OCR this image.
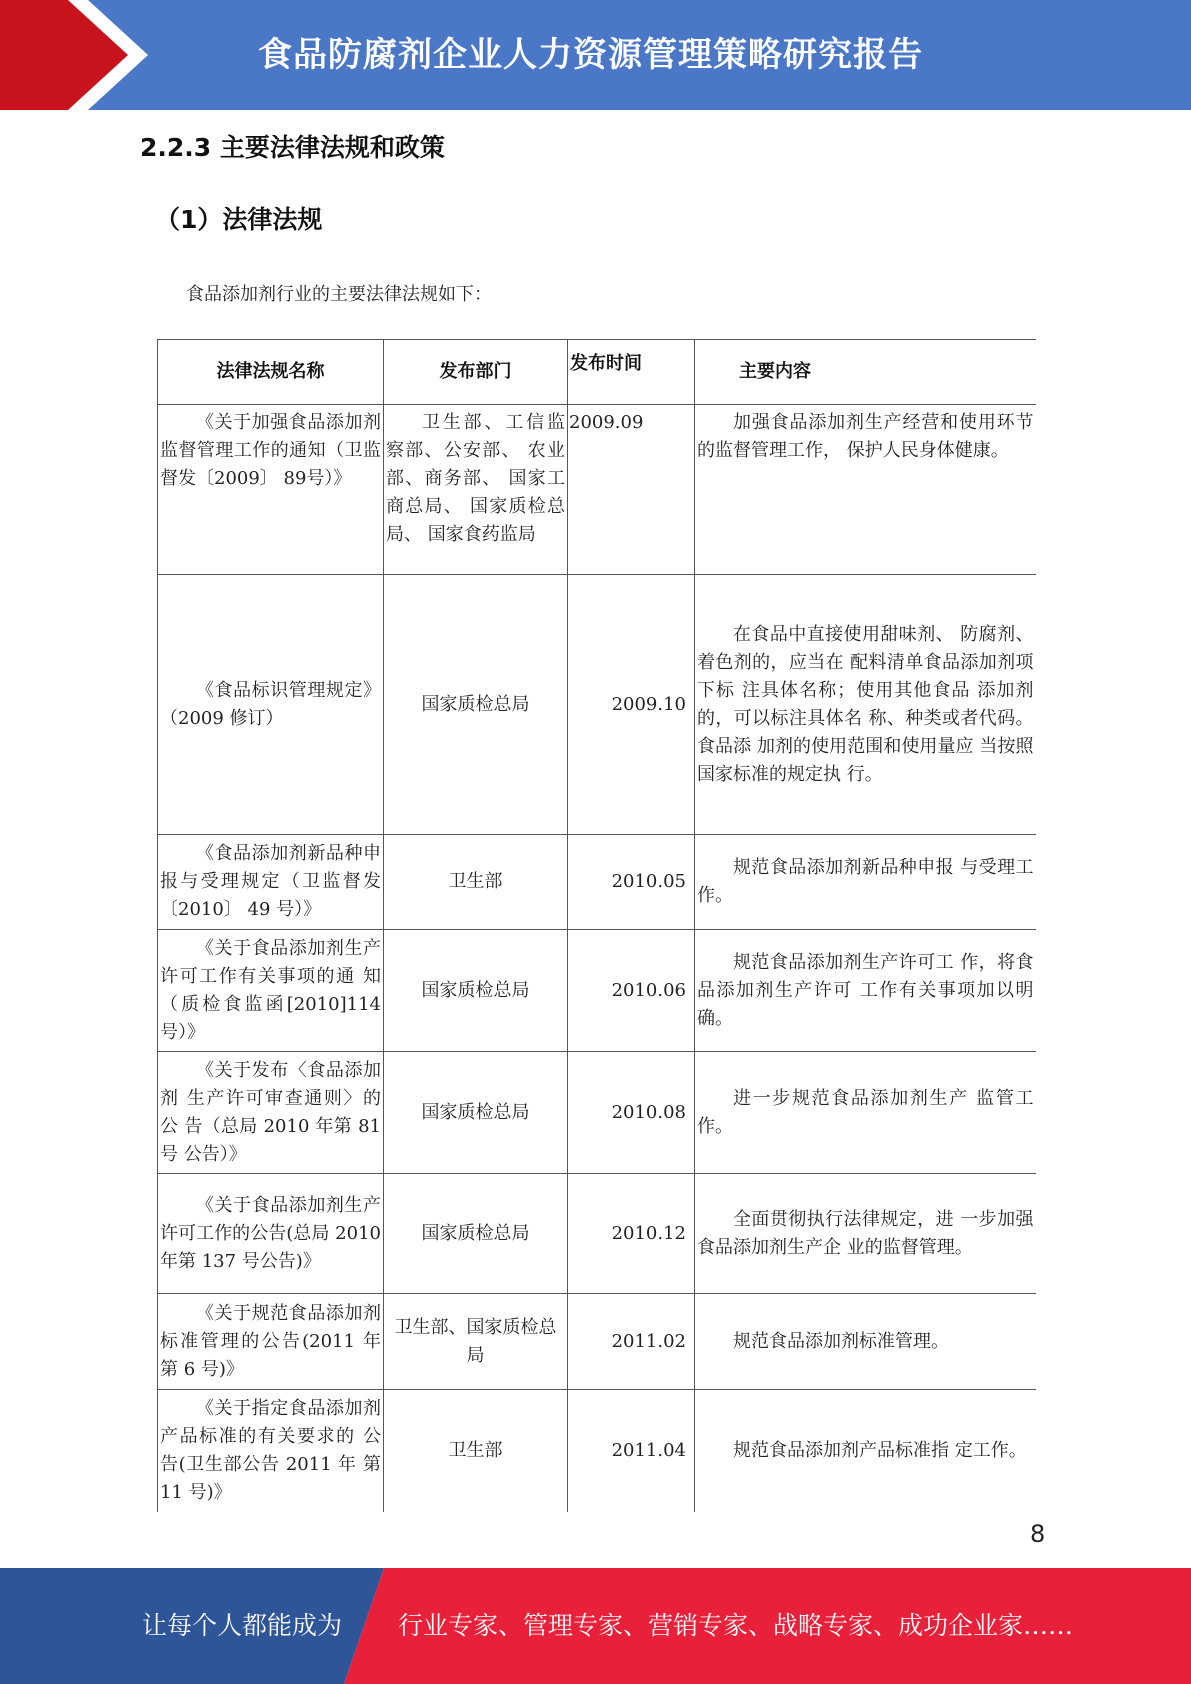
食品防腐剂企业人力资源管理策略研究报告
2.2.3 主要法律法规和政策
（1）法律法规
食品添加剂行业的主要法律法规如下：
法律法规名称	发布部门	发布时间	主要内容
《关于加强食品添加剂监督管理工作的通知（卫监督发〔2009〕 89号）》	卫生部、工信监察部、公安部、 农业部、商务部、 国家工商总局、 国家质检总局、 国家食药监局	2009.09	加强食品添加剂生产经营和使用环节的监督管理工作， 保护人民身体健康。
《食品标识管理规定》（2009 修订）	国家质检总局	2009.10	在食品中直接使用甜味剂、 防腐剂、着色剂的，应当在 配料清单食品添加剂项下标 注具体名称；使用其他食品 添加剂的，可以标注具体名 称、种类或者代码。食品添 加剂的使用范围和使用量应 当按照国家标准的规定执 行。
《食品添加剂新品种申 报与受理规定（卫监督发〔2010〕 49 号）》	卫生部	2010.05	规范食品添加剂新品种申报 与受理工作。
《关于食品添加剂生产 许可工作有关事项的通 知（质检食监函[2010]114 号）》	国家质检总局	2010.06	规范食品添加剂生产许可工 作，将食品添加剂生产许可 工作有关事项加以明确。
《关于发布〈食品添加剂 生产许可审查通则〉的公 告（总局 2010 年第 81 号 公告）》	国家质检总局	2010.08	进一步规范食品添加剂生产 监管工作。
《关于食品添加剂生产 许可工作的公告(总局 2010 年第 137 号公告)》	国家质检总局	2010.12	全面贯彻执行法律规定，进 一步加强食品添加剂生产企 业的监督管理。
《关于规范食品添加剂 标准管理的公告(2011 年 第 6 号)》	卫生部、国家质检总局	2011.02	规范食品添加剂标准管理。
《关于指定食品添加剂 产品标准的有关要求的 公告(卫生部公告 2011 年 第 11 号)》	卫生部	2011.04	规范食品添加剂产品标准指 定工作。
8
让每个人都能成为 行业专家、管理专家、营销专家、战略专家、成功企业家……
